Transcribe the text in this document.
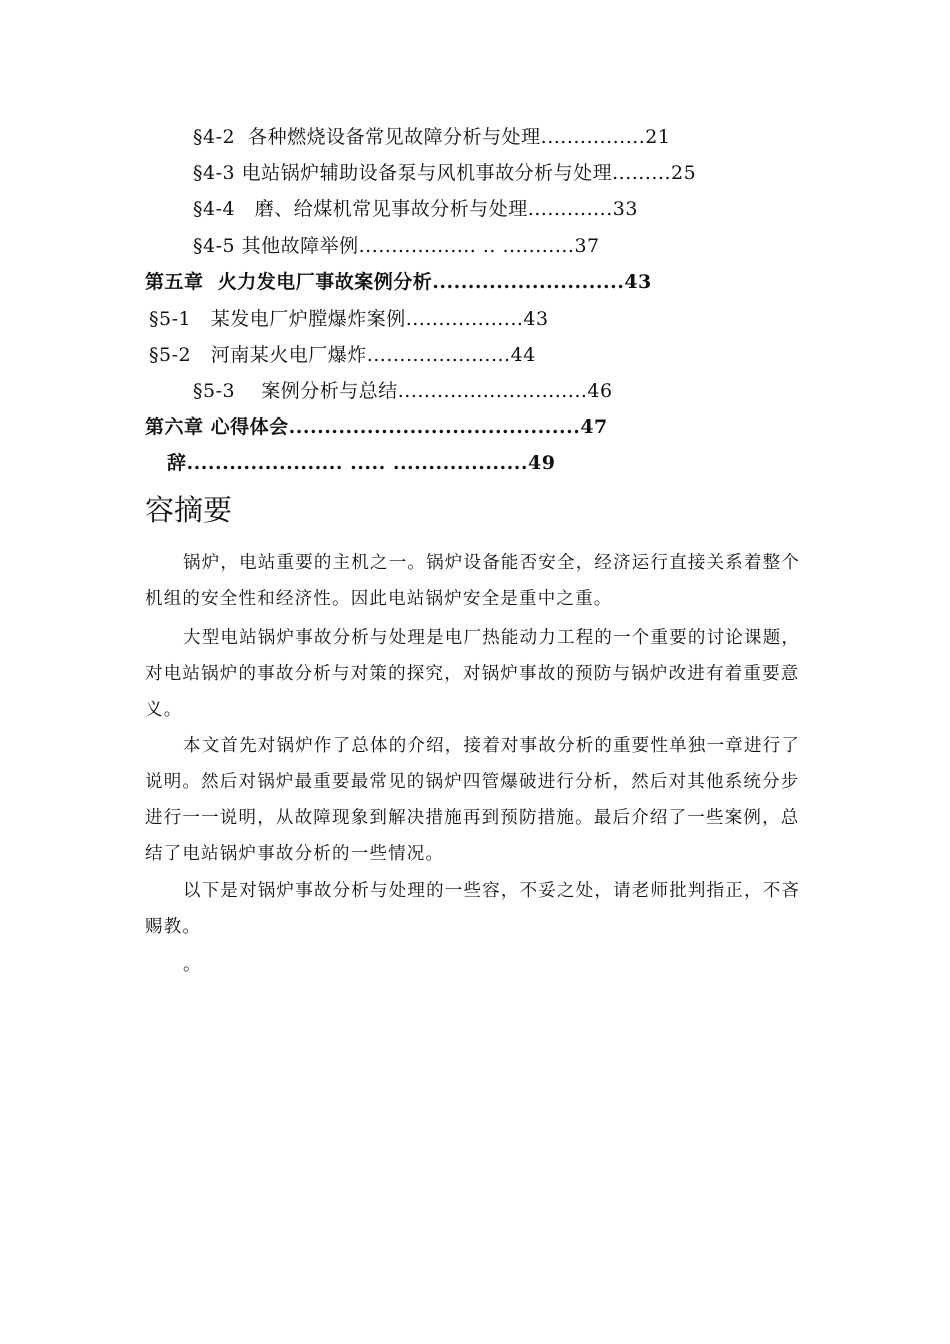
§4-2  各种燃烧设备常见故障分析与处理................21
§4-3 电站锅炉辅助设备泵与风机事故分析与处理.........25
§4-4   磨、给煤机常见事故分析与处理.............33
§4-5 其他故障举例.................. .. ...........37
第五章  火力发电厂事故案例分析...........................43
§5-1   某发电厂炉膛爆炸案例..................43
§5-2   河南某火电厂爆炸......................44
§5-3    案例分析与总结.............................46
第六章 心得体会.........................................47
辞...................... ..... ...................49
容摘要
锅炉，电站重要的主机之一。锅炉设备能否安全，经济运行直接关系着整个机组的安全性和经济性。因此电站锅炉安全是重中之重。
大型电站锅炉事故分析与处理是电厂热能动力工程的一个重要的讨论课题，对电站锅炉的事故分析与对策的探究，对锅炉事故的预防与锅炉改进有着重要意义。
本文首先对锅炉作了总体的介绍，接着对事故分析的重要性单独一章进行了说明。然后对锅炉最重要最常见的锅炉四管爆破进行分析，然后对其他系统分步进行一一说明，从故障现象到解决措施再到预防措施。最后介绍了一些案例，总结了电站锅炉事故分析的一些情况。
以下是对锅炉事故分析与处理的一些容，不妥之处，请老师批判指正，不吝赐教。
。
